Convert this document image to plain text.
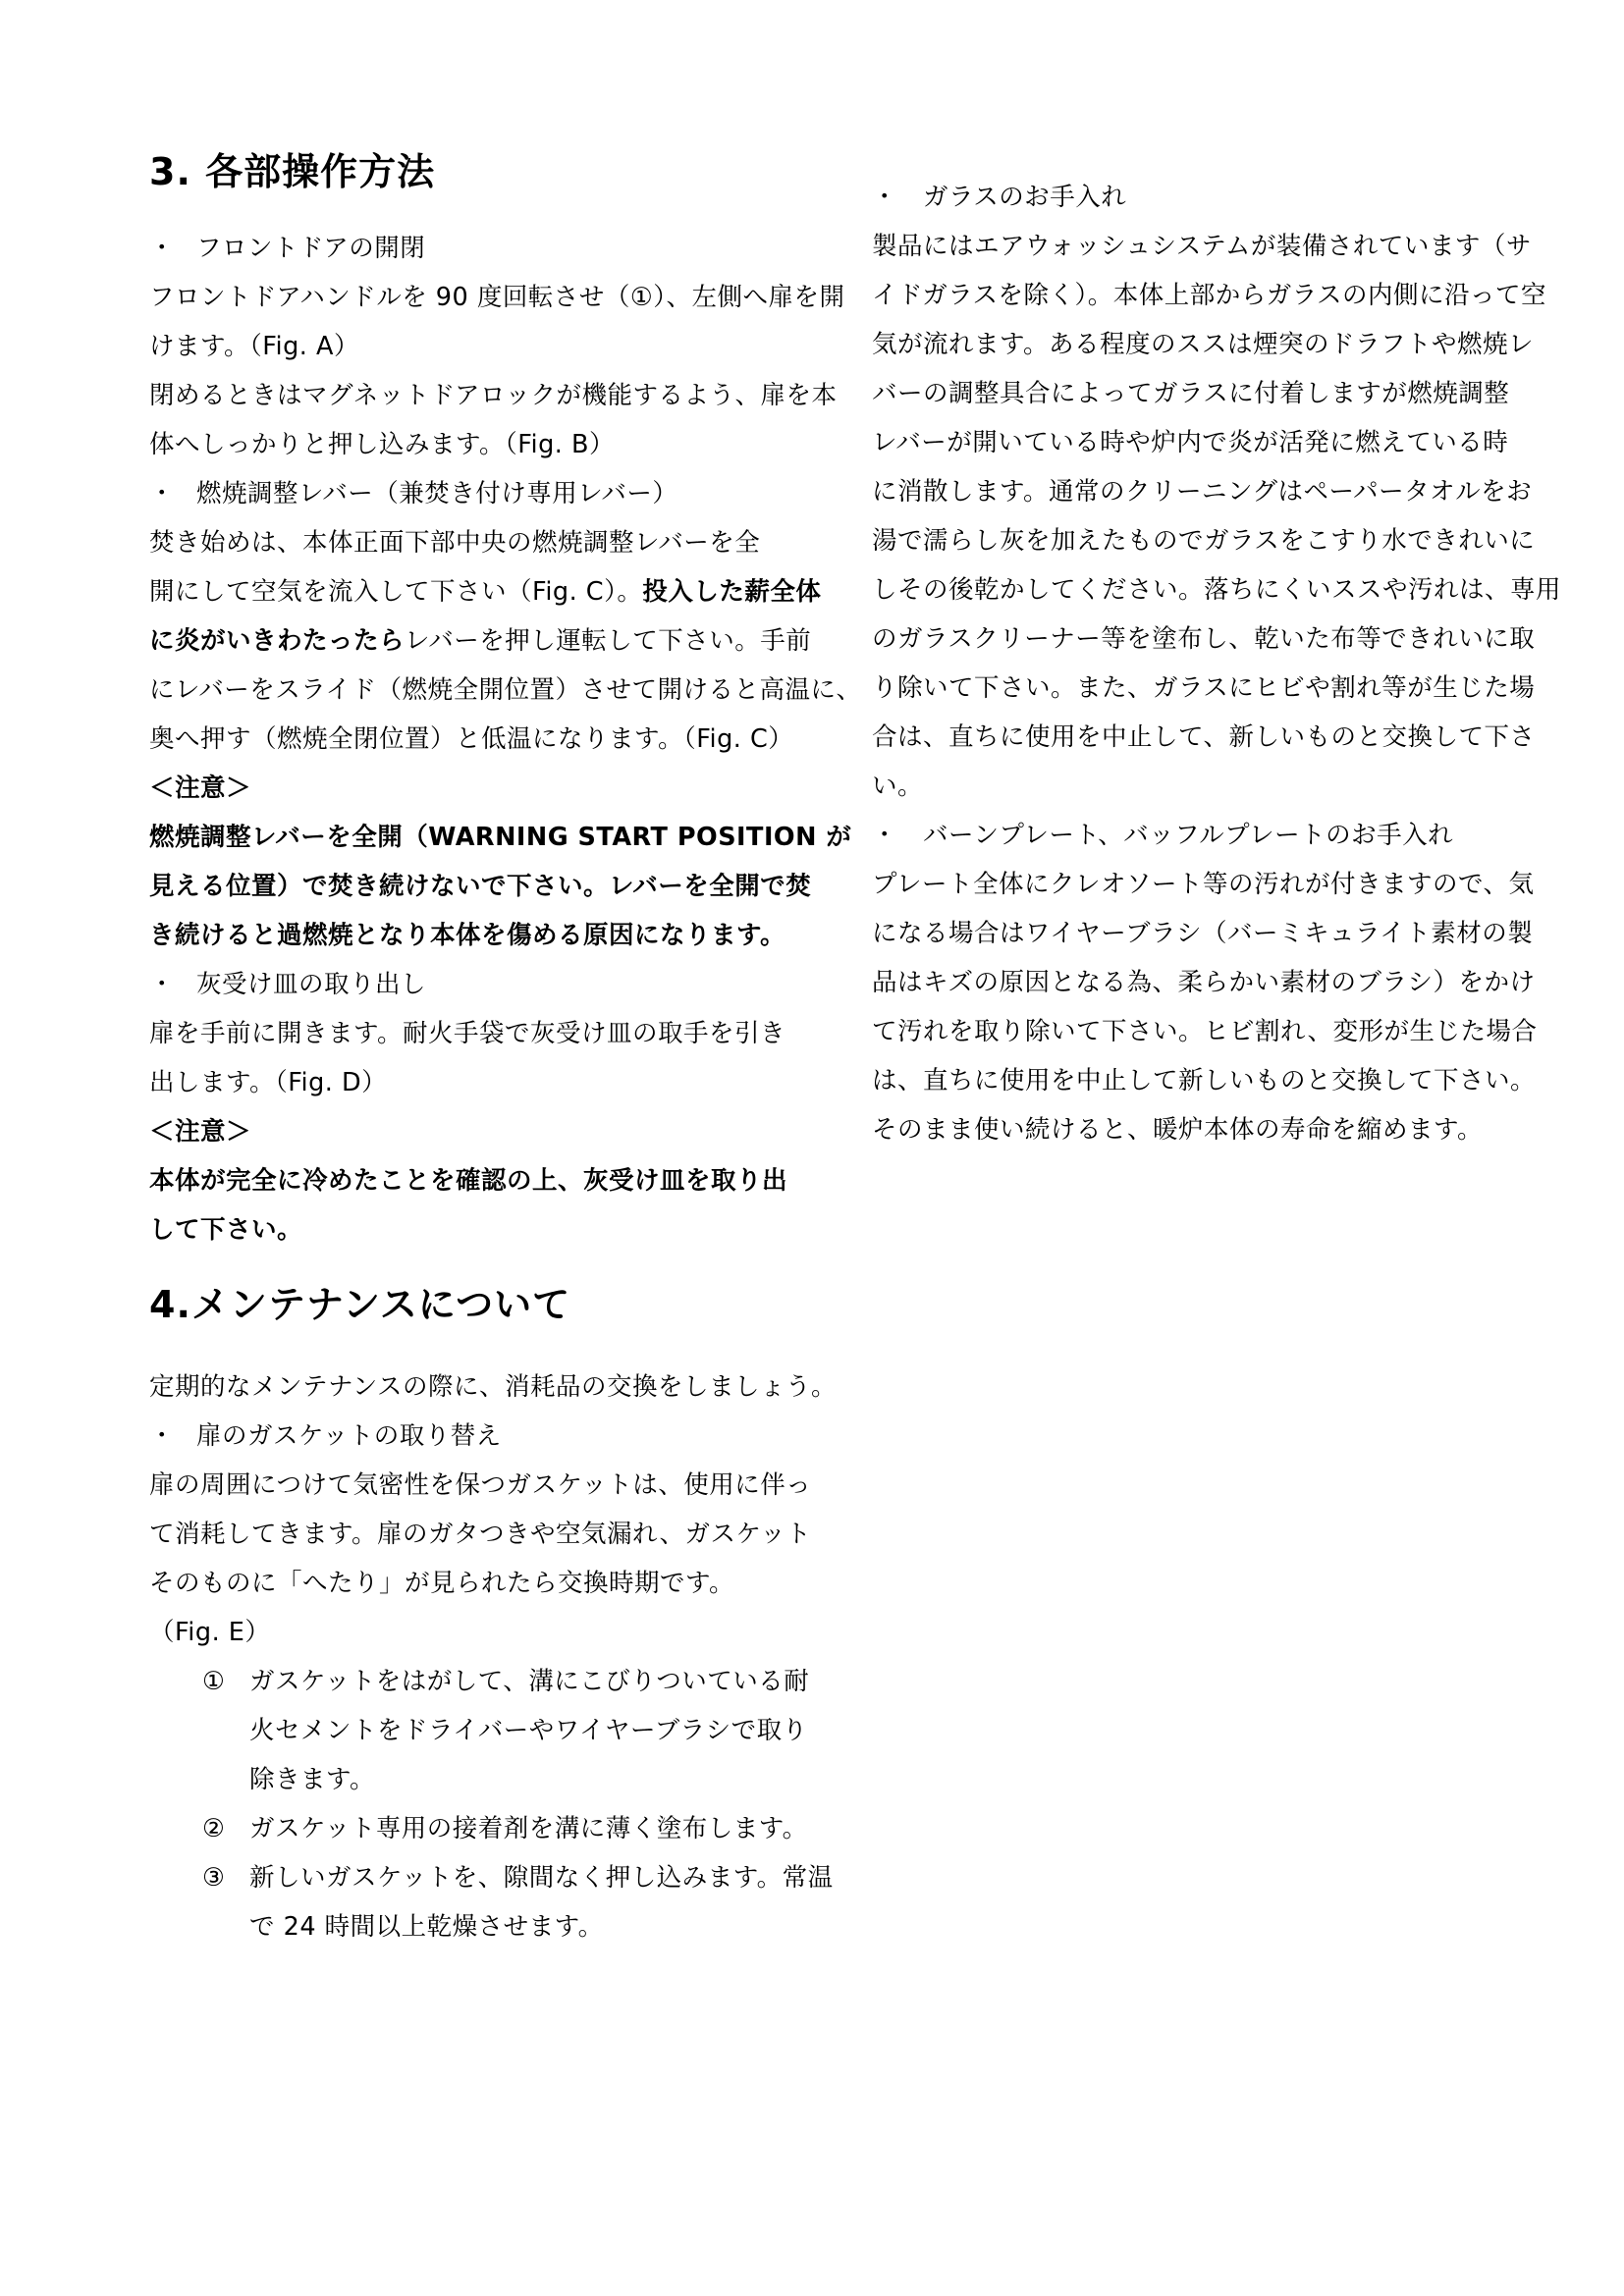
3. 各部操作方法
・ フロントドアの開閉

フロントドアハンドルを 90 度回転させ（①）、左側へ扉を開

けます。（Fig. A）

閉めるときはマグネットドアロックが機能するよう、扉を本

体へしっかりと押し込みます。（Fig. B）

・ 燃焼調整レバー（兼焚き付け専用レバー）

焚き始めは、本体正面下部中央の燃焼調整レバーを全

開にして空気を流入して下さい（Fig. C）。投入した薪全体

に炎がいきわたったらレバーを押し運転して下さい。手前

にレバーをスライド（燃焼全開位置）させて開けると高温に、

奥へ押す（燃焼全閉位置）と低温になります。（Fig. C）

＜注意＞

燃焼調整レバーを全開（WARNING START POSITION が

見える位置）で焚き続けないで下さい。レバーを全開で焚

き続けると過燃焼となり本体を傷める原因になります。

・ 灰受け皿の取り出し

扉を手前に開きます。耐火手袋で灰受け皿の取手を引き

出します。（Fig. D）

＜注意＞

本体が完全に冷めたことを確認の上、灰受け皿を取り出

して下さい。

4.メンテナンスについて

定期的なメンテナンスの際に、消耗品の交換をしましょう。

・ 扉のガスケットの取り替え

扉の周囲につけて気密性を保つガスケットは、使用に伴っ

て消耗してきます。扉のガタつきや空気漏れ、ガスケット

そのものに「へたり」が見られたら交換時期です。

（Fig. E）

① ガスケットをはがして、溝にこびりついている耐

火セメントをドライバーやワイヤーブラシで取り

除きます。

② ガスケット専用の接着剤を溝に薄く塗布します。

③ 新しいガスケットを、隙間なく押し込みます。常温

で 24 時間以上乾燥させます。

・	ガラスのお手入れ

製品にはエアウォッシュシステムが装備されています（サ

イドガラスを除く）。本体上部からガラスの内側に沿って空

気が流れます。ある程度のススは煙突のドラフトや燃焼レ

バーの調整具合によってガラスに付着しますが燃焼調整

レバーが開いている時や炉内で炎が活発に燃えている時

に消散します。通常のクリーニングはペーパータオルをお

湯で濡らし灰を加えたものでガラスをこすり水できれいに

しその後乾かしてください。落ちにくいススや汚れは、専用

のガラスクリーナー等を塗布し、乾いた布等できれいに取

り除いて下さい。また、ガラスにヒビや割れ等が生じた場

合は、直ちに使用を中止して、新しいものと交換して下さ

い。

・	バーンプレート、バッフルプレートのお手入れ

プレート全体にクレオソート等の汚れが付きますので、気

になる場合はワイヤーブラシ（バーミキュライト素材の製

品はキズの原因となる為、柔らかい素材のブラシ）をかけ

て汚れを取り除いて下さい。ヒビ割れ、変形が生じた場合

は、直ちに使用を中止して新しいものと交換して下さい。

そのまま使い続けると、暖炉本体の寿命を縮めます。
